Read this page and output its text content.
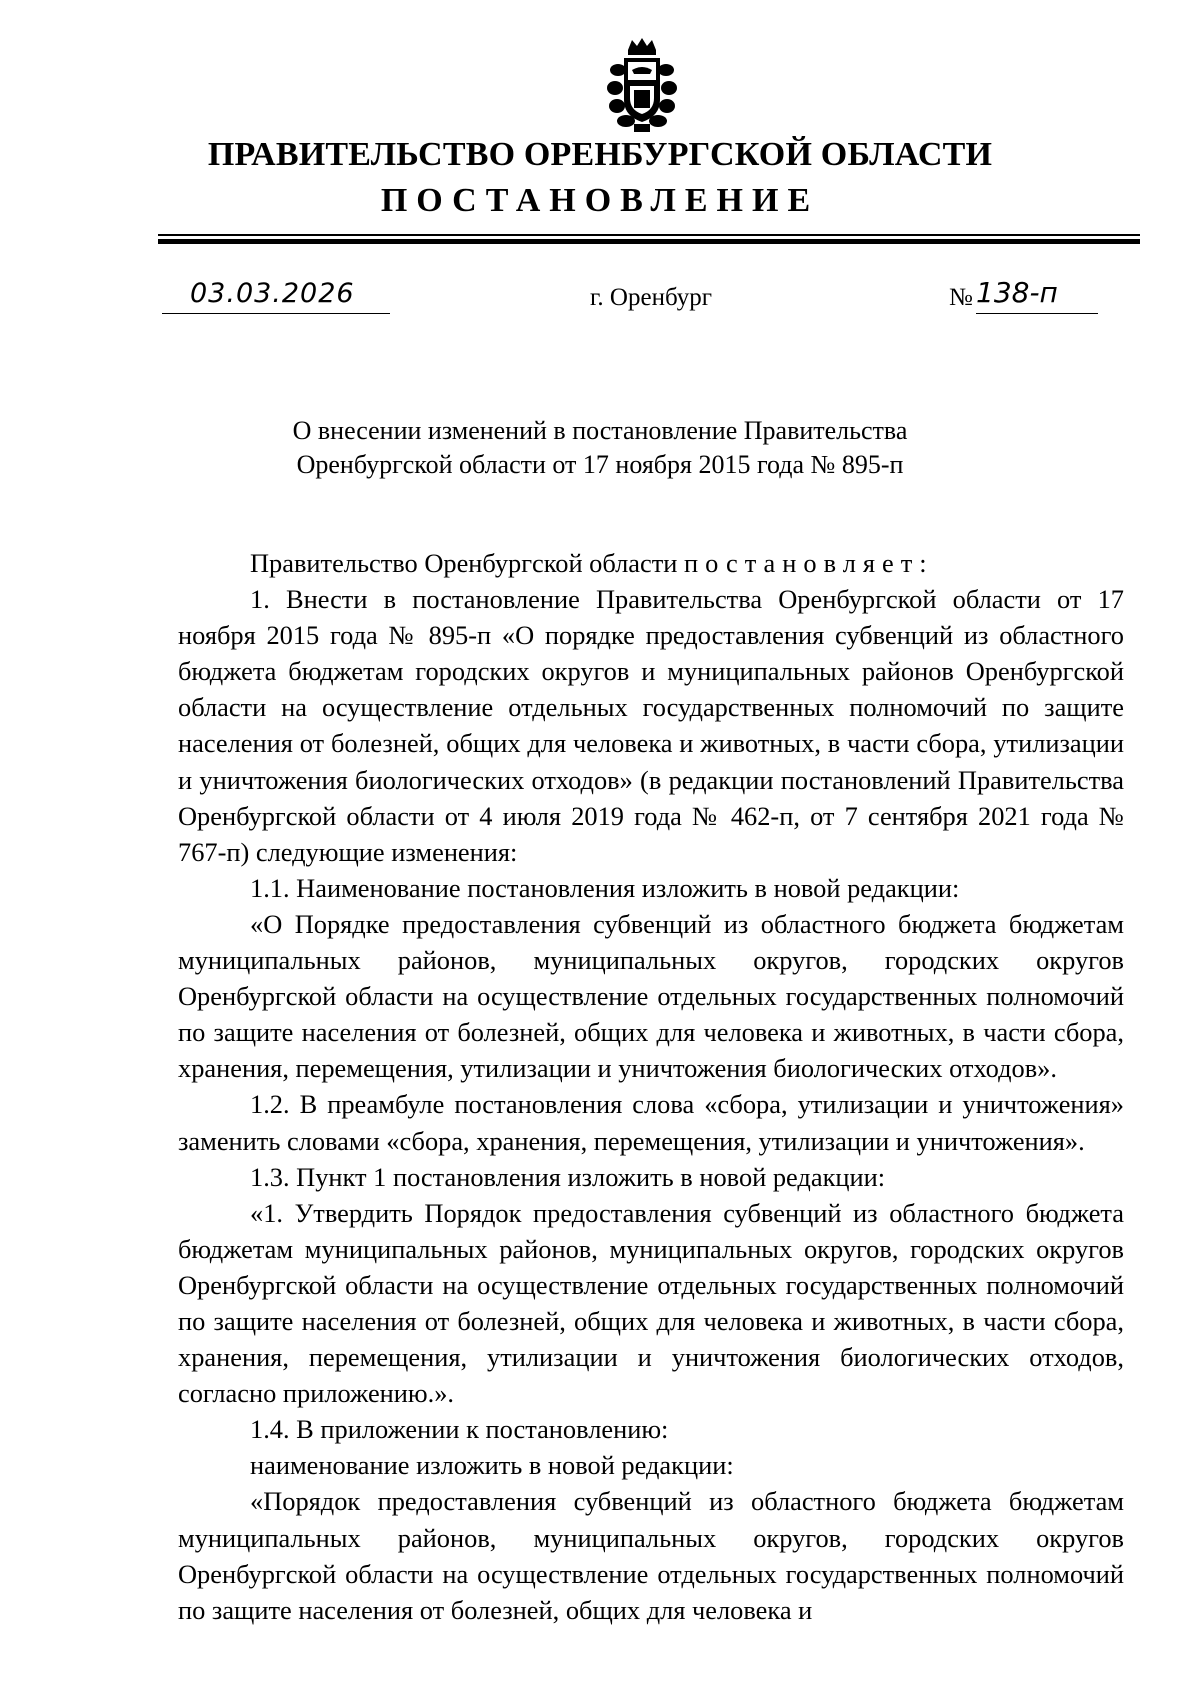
ПРАВИТЕЛЬСТВО ОРЕНБУРГСКОЙ ОБЛАСТИ
ПОСТАНОВЛЕНИЕ
03.03.2026	г. Оренбург	№ 138-п
О внесении изменений в постановление Правительства
Оренбургской области от 17 ноября 2015 года № 895-п

Правительство Оренбургской области постановляет:

1. Внести в постановление Правительства Оренбургской области от 17 ноября 2015 года № 895-п «О порядке предоставления субвенций из областного бюджета бюджетам городских округов и муниципальных районов Оренбургской области на осуществление отдельных государственных полномочий по защите населения от болезней, общих для человека и животных, в части сбора, утилизации и уничтожения биологических отходов» (в редакции постановлений Правительства Оренбургской области от 4 июля 2019 года № 462-п, от 7 сентября 2021 года № 767-п) следующие изменения:

1.1. Наименование постановления изложить в новой редакции:

«О Порядке предоставления субвенций из областного бюджета бюджетам муниципальных районов, муниципальных округов, городских округов Оренбургской области на осуществление отдельных государственных полномочий по защите населения от болезней, общих для человека и животных, в части сбора, хранения, перемещения, утилизации и уничтожения биологических отходов».

1.2. В преамбуле постановления слова «сбора, утилизации и уничтожения» заменить словами «сбора, хранения, перемещения, утилизации и уничтожения».

1.3. Пункт 1 постановления изложить в новой редакции:

«1. Утвердить Порядок предоставления субвенций из областного бюджета бюджетам муниципальных районов, муниципальных округов, городских округов Оренбургской области на осуществление отдельных государственных полномочий по защите населения от болезней, общих для человека и животных, в части сбора, хранения, перемещения, утилизации и уничтожения биологических отходов, согласно приложению.».

1.4. В приложении к постановлению:

наименование изложить в новой редакции:

«Порядок предоставления субвенций из областного бюджета бюджетам муниципальных районов, муниципальных округов, городских округов Оренбургской области на осуществление отдельных государственных полномочий по защите населения от болезней, общих для человека и
